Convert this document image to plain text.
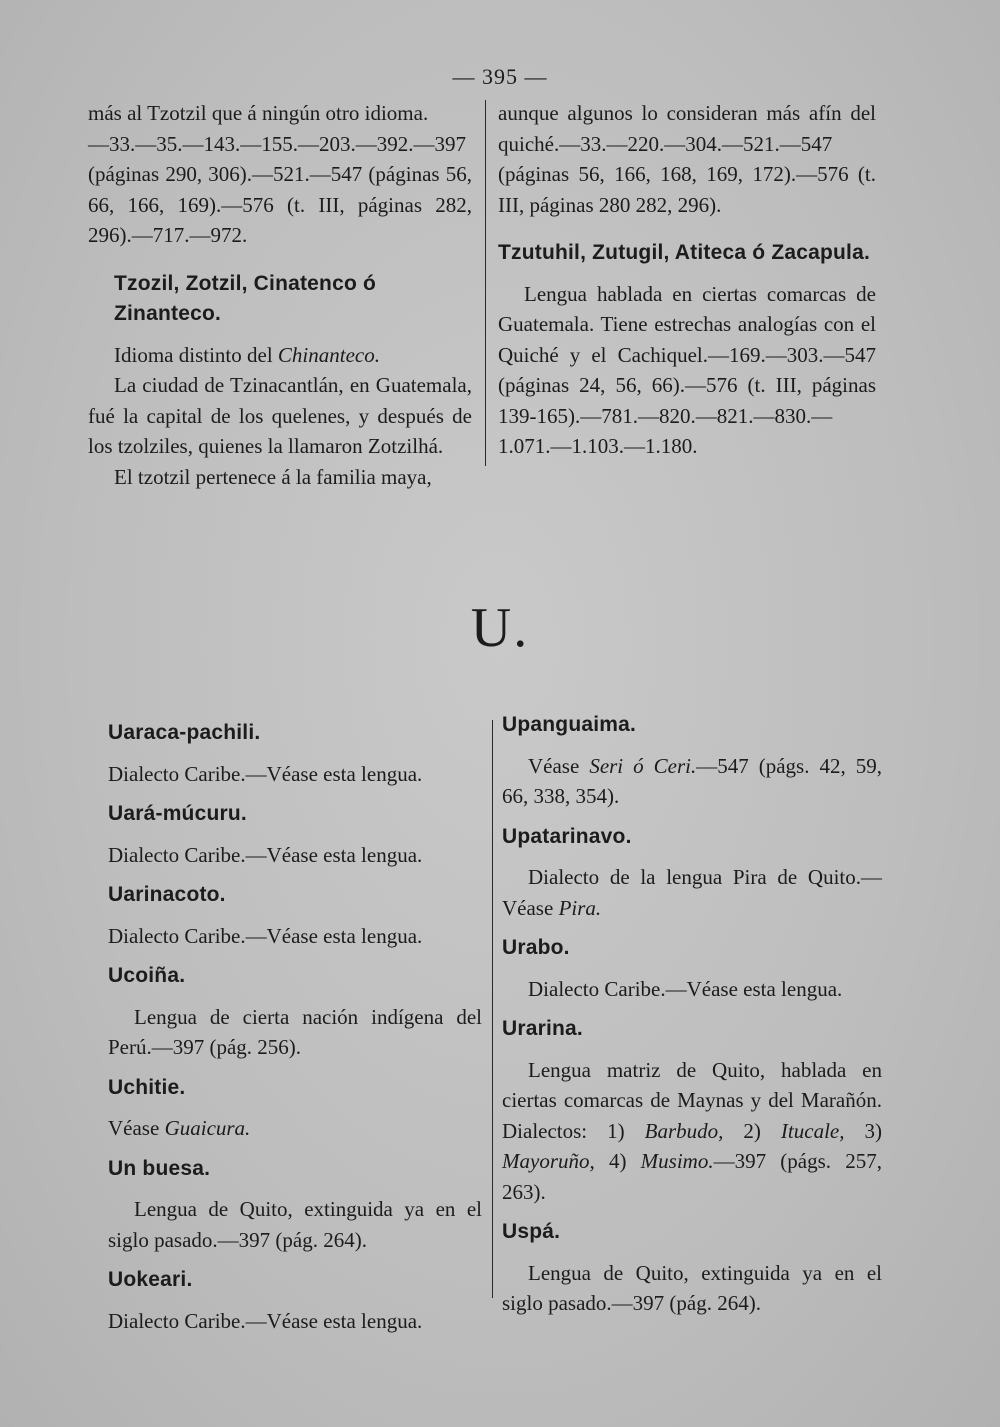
— 395 —

más al Tzotzil que á ningún otro idioma.

—33.—35.—143.—155.—203.—392.—397 (páginas 290, 306).—521.—547 (páginas 56, 66, 166, 169).—576 (t. III, páginas 282, 296).—717.—972.

Tzozil, Zotzil, Cinatenco ó Zinanteco.

Idioma distinto del Chinanteco.

La ciudad de Tzinacantlán, en Guatemala, fué la capital de los quelenes, y después de los tzolziles, quienes la llamaron Zotzilhá.

El tzotzil pertenece á la familia maya,

aunque algunos lo consideran más afín del quiché.—33.—220.—304.—521.—547 (páginas 56, 166, 168, 169, 172).—576 (t. III, páginas 280 282, 296).

Tzutuhil, Zutugil, Atiteca ó Zacapula.

Lengua hablada en ciertas comarcas de Guatemala. Tiene estrechas analogías con el Quiché y el Cachiquel.—169.—303.—547 (páginas 24, 56, 66).—576 (t. III, páginas 139-165).—781.—820.—821.—830.—1.071.—1.103.—1.180.

U.

Uaraca-pachili.

Dialecto Caribe.—Véase esta lengua.

Uará-múcuru.

Dialecto Caribe.—Véase esta lengua.

Uarinacoto.

Dialecto Caribe.—Véase esta lengua.

Ucoiña.

Lengua de cierta nación indígena del Perú.—397 (pág. 256).

Uchitie.

Véase Guaicura.

Un buesa.

Lengua de Quito, extinguida ya en el siglo pasado.—397 (pág. 264).

Uokeari.

Dialecto Caribe.—Véase esta lengua.

Upanguaima.

Véase Seri ó Ceri.—547 (págs. 42, 59, 66, 338, 354).

Upatarinavo.

Dialecto de la lengua Pira de Quito.—Véase Pira.

Urabo.

Dialecto Caribe.—Véase esta lengua.

Urarina.

Lengua matriz de Quito, hablada en ciertas comarcas de Maynas y del Marañón. Dialectos: 1) Barbudo, 2) Itucale, 3) Mayoruño, 4) Musimo.—397 (págs. 257, 263).

Uspá.

Lengua de Quito, extinguida ya en el siglo pasado.—397 (pág. 264).
